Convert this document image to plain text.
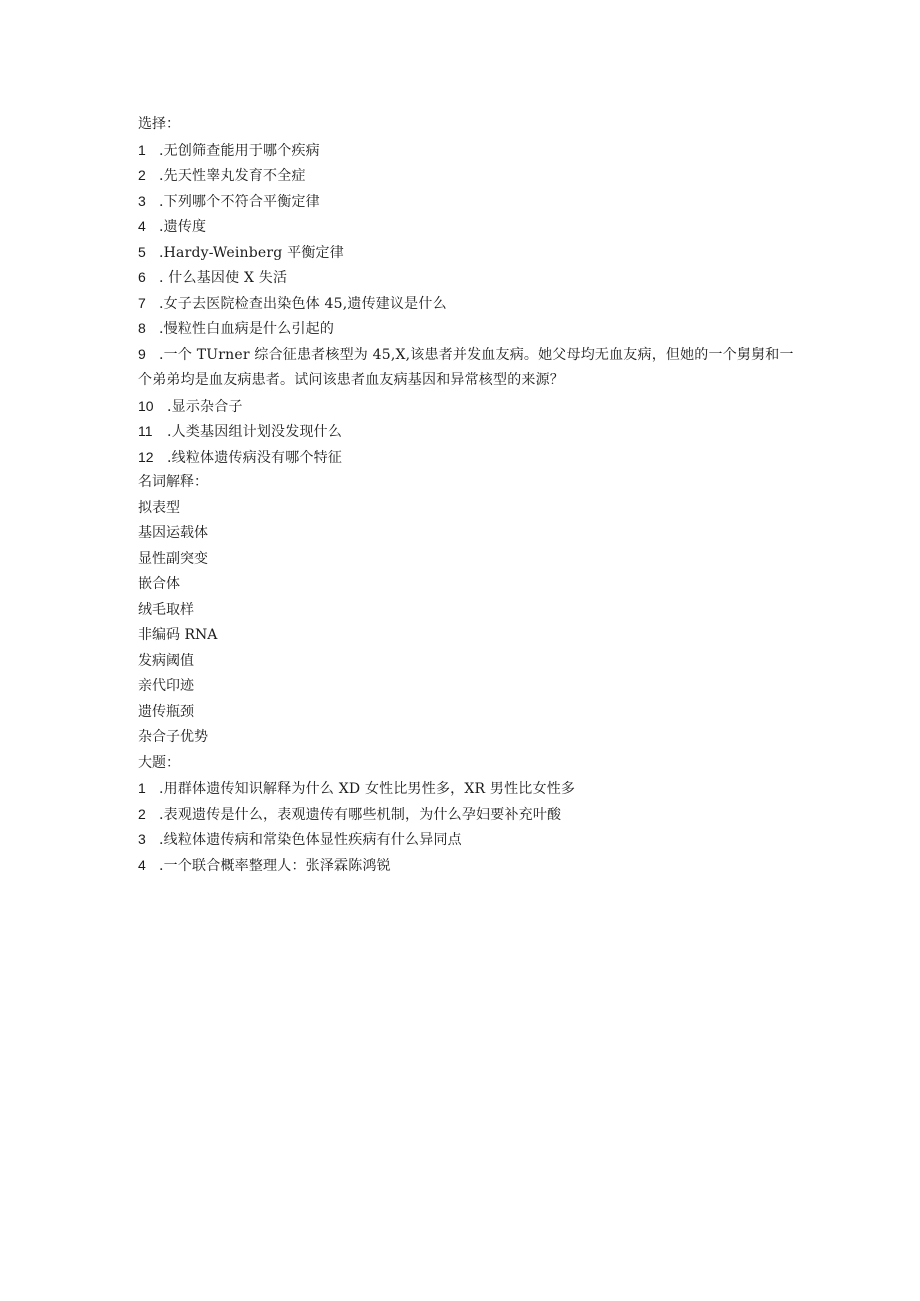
选择：
1 .无创筛查能用于哪个疾病
2 .先天性睾丸发育不全症
3 .下列哪个不符合平衡定律
4 .遗传度
5 .Hardy-Weinberg 平衡定律
6 . 什么基因使 X 失活
7 .女子去医院检查出染色体 45,遗传建议是什么
8 .慢粒性白血病是什么引起的
9 .一个 TUrner 综合征患者核型为 45,X,该患者并发血友病。她父母均无血友病，但她的一个舅舅和一个弟弟均是血友病患者。试问该患者血友病基因和异常核型的来源？
10 .显示杂合子
11 .人类基因组计划没发现什么
12 .线粒体遗传病没有哪个特征
名词解释：
拟表型
基因运载体
显性副突变
嵌合体
绒毛取样
非编码 RNA
发病阈值
亲代印迹
遗传瓶颈
杂合子优势
大题：
1 .用群体遗传知识解释为什么 XD 女性比男性多，XR 男性比女性多
2 .表观遗传是什么，表观遗传有哪些机制，为什么孕妇要补充叶酸
3 .线粒体遗传病和常染色体显性疾病有什么异同点
4 .一个联合概率整理人：张泽霖陈鸿锐
